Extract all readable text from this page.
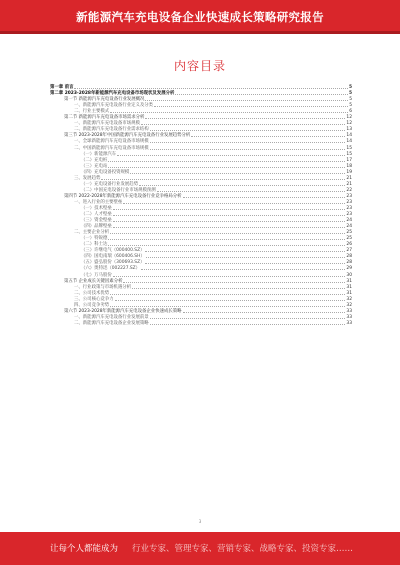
新能源汽车充电设备企业快速成长策略研究报告
内容目录
第一章 前言	5
第二章 2023-2028年新能源汽车充电设备市场现状及发展分析	5
第一节 新能源汽车充电设备行业发展概况	5
一、新能源汽车充电设备行业定义及分类	5
二、行业主要模式	6
第二节 新能源汽车充电设备市场需求分析	12
一、新能源汽车充电设备市场规模	12
二、新能源汽车充电设备行业需求结构	13
第三节 2023-2028年中国新能源汽车充电设备行业发展趋势分析	14
一、全球新能源汽车充电设备市场规模	14
二、中国新能源汽车充电设备市场规模	15
（一）新能源汽车	15
（二）充电桩	17
（三）充电站	18
（四）充电设备投资规模	19
三、发展趋势	21
（一）充电设备行业发展趋势	21
（二）中国充电设备行业市场规模预测	22
第四节 2022-2028年新能源汽车充电设备行业竞争格局分析	23
一、进入行业的主要壁垒	23
（一）技术壁垒	23
（二）人才壁垒	23
（三）资金壁垒	24
（四）品牌壁垒	24
二、主要企业分析	25
（一）特锐德	25
（二）科士达	26
（三）许继电气（000400.SZ）	27
（四）国电南瑞（600406.SH）	28
（五）盛弘股份（300693.SZ）	28
（六）奥特迅（002227.SZ）	29
（七）万马股份	30
第五节 企业成长关键因素分析	31
一、行业政策与市场机遇分析	31
二、公司技术优势	31
三、公司核心竞争力	32
四、公司竞争劣势	32
第六节 2023-2028年新能源汽车充电设备企业快速成长策略	33
一、新能源汽车充电设备行业发展前景	33
二、新能源汽车充电设备企业发展策略	33
3
让每个人都能成为 行业专家、管理专家、营销专家、战略专家、投资专家……
